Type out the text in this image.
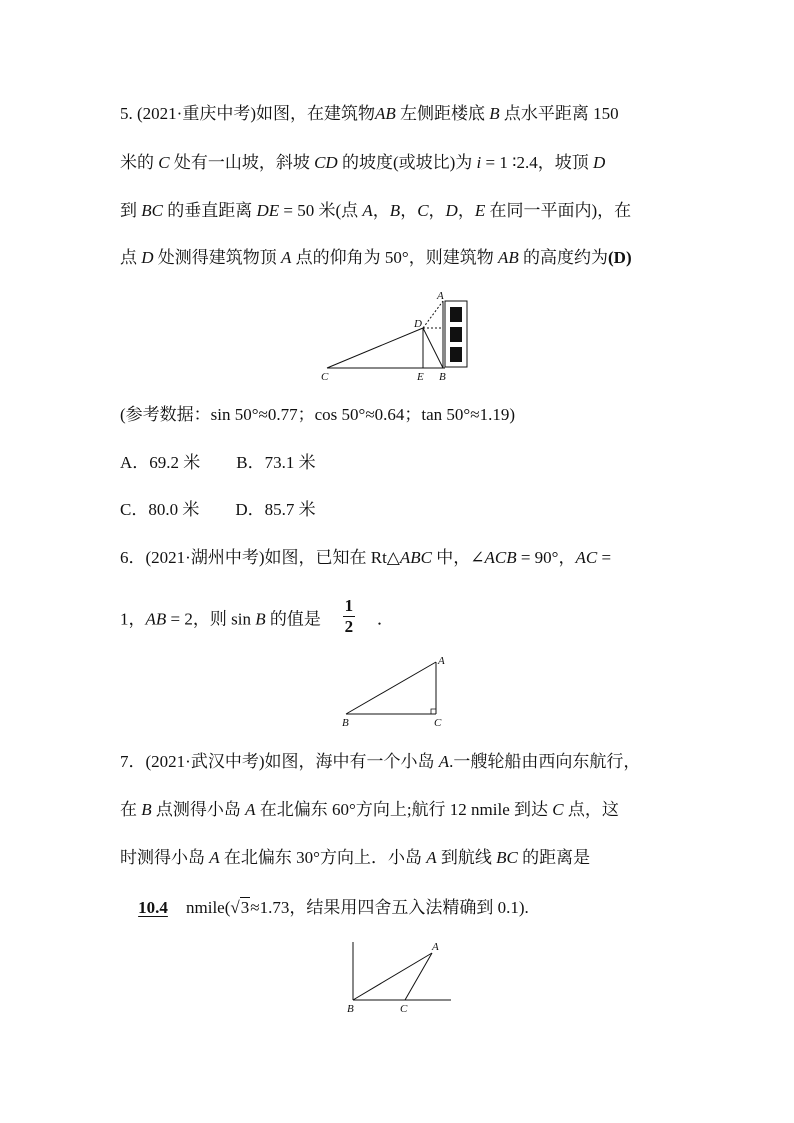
5. (2021·重庆中考)如图，在建筑物AB 左侧距楼底 B 点水平距离 150
米的 C 处有一山坡，斜坡 CD 的坡度(或坡比)为 i = 1 ∶2.4，坡顶 D
到 BC 的垂直距离 DE = 50 米(点 A，B，C，D，E 在同一平面内)，在
点 D 处测得建筑物顶 A 点的仰角为 50°，则建筑物 AB 的高度约为(D)
A
D
C	E B
(参考数据：sin 50°≈0.77；cos 50°≈0.64；tan 50°≈1.19)
A．69.2 米 B．73.1 米
C．80.0 米 D．85.7 米
6．(2021·湖州中考)如图，已知在 Rt△ABC 中，∠ACB = 90°，AC =
1，AB = 2，则 sin B 的值是 $\frac{1}{2}$ ．
A
B	C
7．(2021·武汉中考)如图，海中有一个小岛 A.一艘轮船由西向东航行，
在 B 点测得小岛 A 在北偏东 60°方向上;航行 12 nmile 到达 C 点，这
时测得小岛 A 在北偏东 30°方向上．小岛 A 到航线 BC 的距离是
10.4 nmile(√3≈1.73，结果用四舍五入法精确到 0.1).
A
B	C
